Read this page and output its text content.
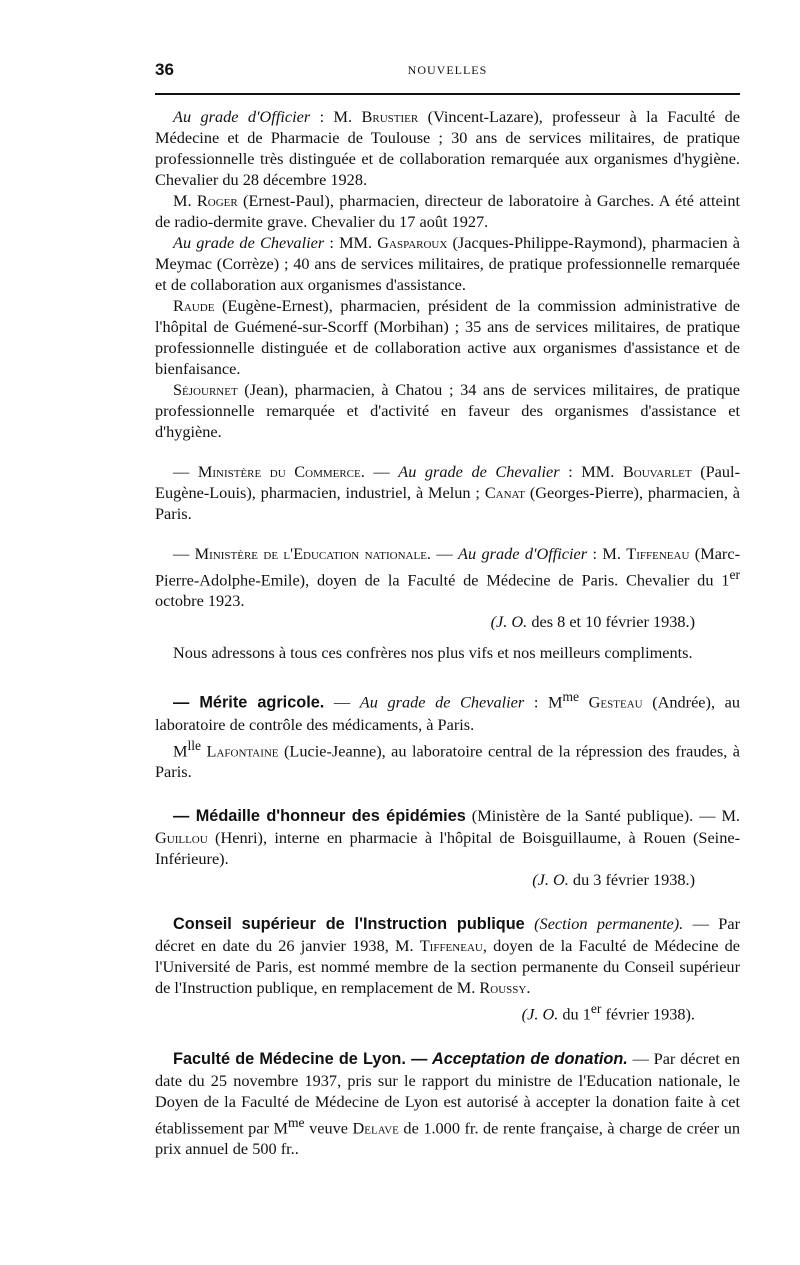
36	NOUVELLES

Au grade d'Officier : M. Brustier (Vincent-Lazare), professeur à la Faculté de Médecine et de Pharmacie de Toulouse ; 30 ans de services militaires, de pratique professionnelle très distinguée et de collaboration remarquée aux organismes d'hygiène. Chevalier du 28 décembre 1928.

M. Roger (Ernest-Paul), pharmacien, directeur de laboratoire à Garches. A été atteint de radio-dermite grave. Chevalier du 17 août 1927.

Au grade de Chevalier : MM. Gasparoux (Jacques-Philippe-Raymond), pharmacien à Meymac (Corrèze) ; 40 ans de services militaires, de pratique professionnelle remarquée et de collaboration aux organismes d'assistance.

Raude (Eugène-Ernest), pharmacien, président de la commission administrative de l'hôpital de Guémené-sur-Scorff (Morbihan) ; 35 ans de services militaires, de pratique professionnelle distinguée et de collaboration active aux organismes d'assistance et de bienfaisance.

Séjournet (Jean), pharmacien, à Chatou ; 34 ans de services militaires, de pratique professionnelle remarquée et d'activité en faveur des organismes d'assistance et d'hygiène.

— Ministère du Commerce. — Au grade de Chevalier : MM. Bouvarlet (Paul-Eugène-Louis), pharmacien, industriel, à Melun ; Canat (Georges-Pierre), pharmacien, à Paris.

— Ministère de l'Education nationale. — Au grade d'Officier : M. Tiffeneau (Marc-Pierre-Adolphe-Emile), doyen de la Faculté de Médecine de Paris. Chevalier du 1er octobre 1923.

(J. O. des 8 et 10 février 1938.)

Nous adressons à tous ces confrères nos plus vifs et nos meilleurs compliments.

— Mérite agricole. — Au grade de Chevalier : $M^{me}$ Gesteau (Andrée), au laboratoire de contrôle des médicaments, à Paris.

$M^{lle}$ Lafontaine (Lucie-Jeanne), au laboratoire central de la répression des fraudes, à Paris.

— Médaille d'honneur des épidémies (Ministère de la Santé publique). — M. Guillou (Henri), interne en pharmacie à l'hôpital de Boisguillaume, à Rouen (Seine-Inférieure).

(J. O. du 3 février 1938.)

Conseil supérieur de l'Instruction publique (Section permanente). — Par décret en date du 26 janvier 1938, M. Tiffeneau, doyen de la Faculté de Médecine de l'Université de Paris, est nommé membre de la section permanente du Conseil supérieur de l'Instruction publique, en remplacement de M. Roussy.

(J. O. du 1er février 1938).

Faculté de Médecine de Lyon. — Acceptation de donation. — Par décret en date du 25 novembre 1937, pris sur le rapport du ministre de l'Education nationale, le Doyen de la Faculté de Médecine de Lyon est autorisé à accepter la donation faite à cet établissement par $M^{me}$ veuve Delave de 1.000 fr. de rente française, à charge de créer un prix annuel de 500 fr..
